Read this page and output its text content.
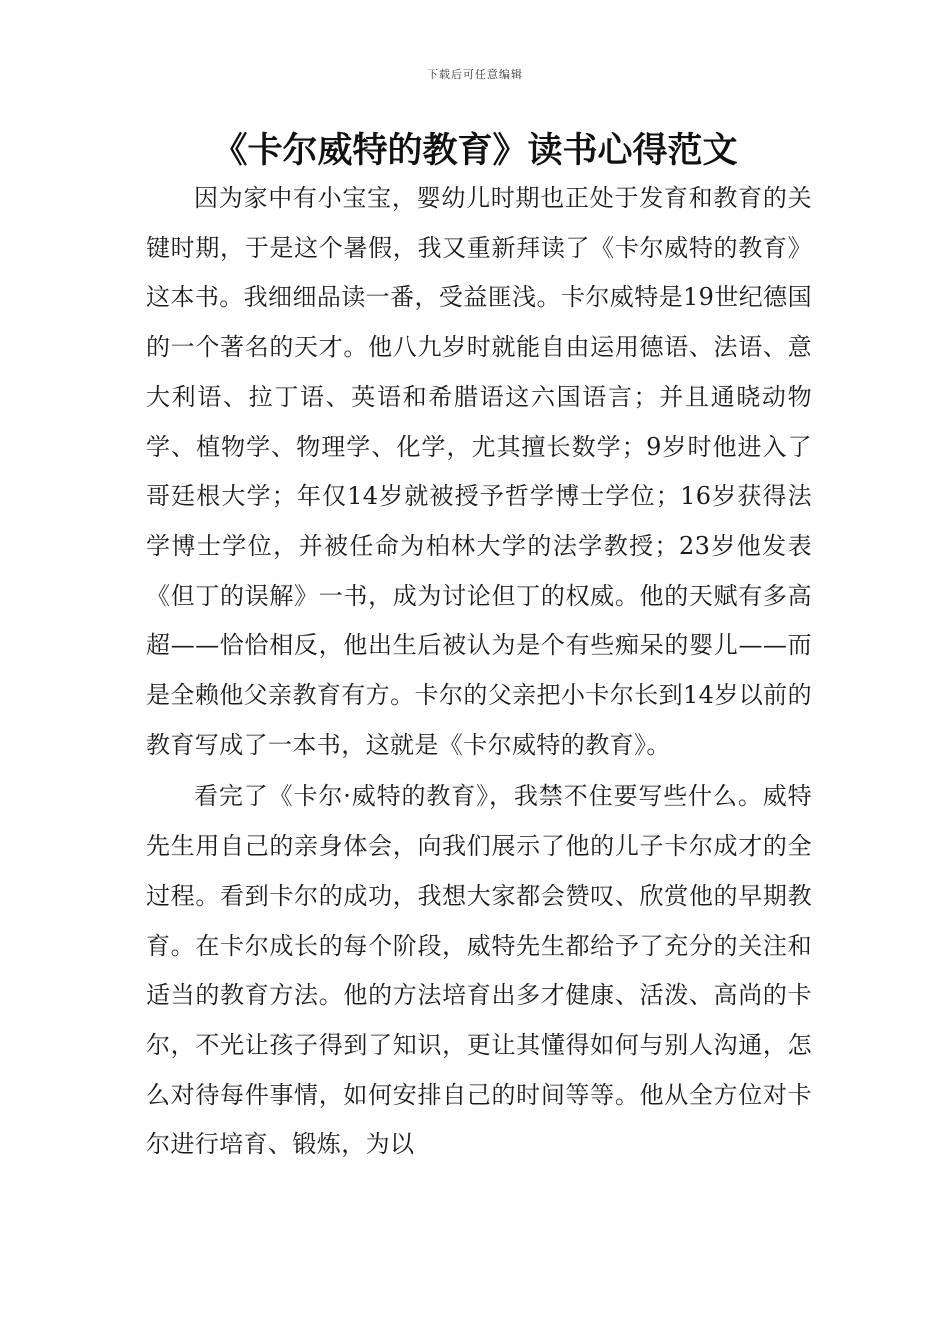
下载后可任意编辑
《卡尔威特的教育》读书心得范文

因为家中有小宝宝，婴幼儿时期也正处于发育和教育的关键时期，于是这个暑假，我又重新拜读了《卡尔威特的教育》这本书。我细细品读一番，受益匪浅。卡尔威特是19世纪德国的一个著名的天才。他八九岁时就能自由运用德语、法语、意大利语、拉丁语、英语和希腊语这六国语言；并且通晓动物学、植物学、物理学、化学，尤其擅长数学；9岁时他进入了哥廷根大学；年仅14岁就被授予哲学博士学位；16岁获得法学博士学位，并被任命为柏林大学的法学教授；23岁他发表《但丁的误解》一书，成为讨论但丁的权威。他的天赋有多高超——恰恰相反，他出生后被认为是个有些痴呆的婴儿——而是全赖他父亲教育有方。卡尔的父亲把小卡尔长到14岁以前的教育写成了一本书，这就是《卡尔威特的教育》。

看完了《卡尔·威特的教育》，我禁不住要写些什么。威特先生用自己的亲身体会，向我们展示了他的儿子卡尔成才的全过程。看到卡尔的成功，我想大家都会赞叹、欣赏他的早期教育。在卡尔成长的每个阶段，威特先生都给予了充分的关注和适当的教育方法。他的方法培育出多才健康、活泼、高尚的卡尔，不光让孩子得到了知识，更让其懂得如何与别人沟通，怎么对待每件事情，如何安排自己的时间等等。他从全方位对卡尔进行培育、锻炼，为以
